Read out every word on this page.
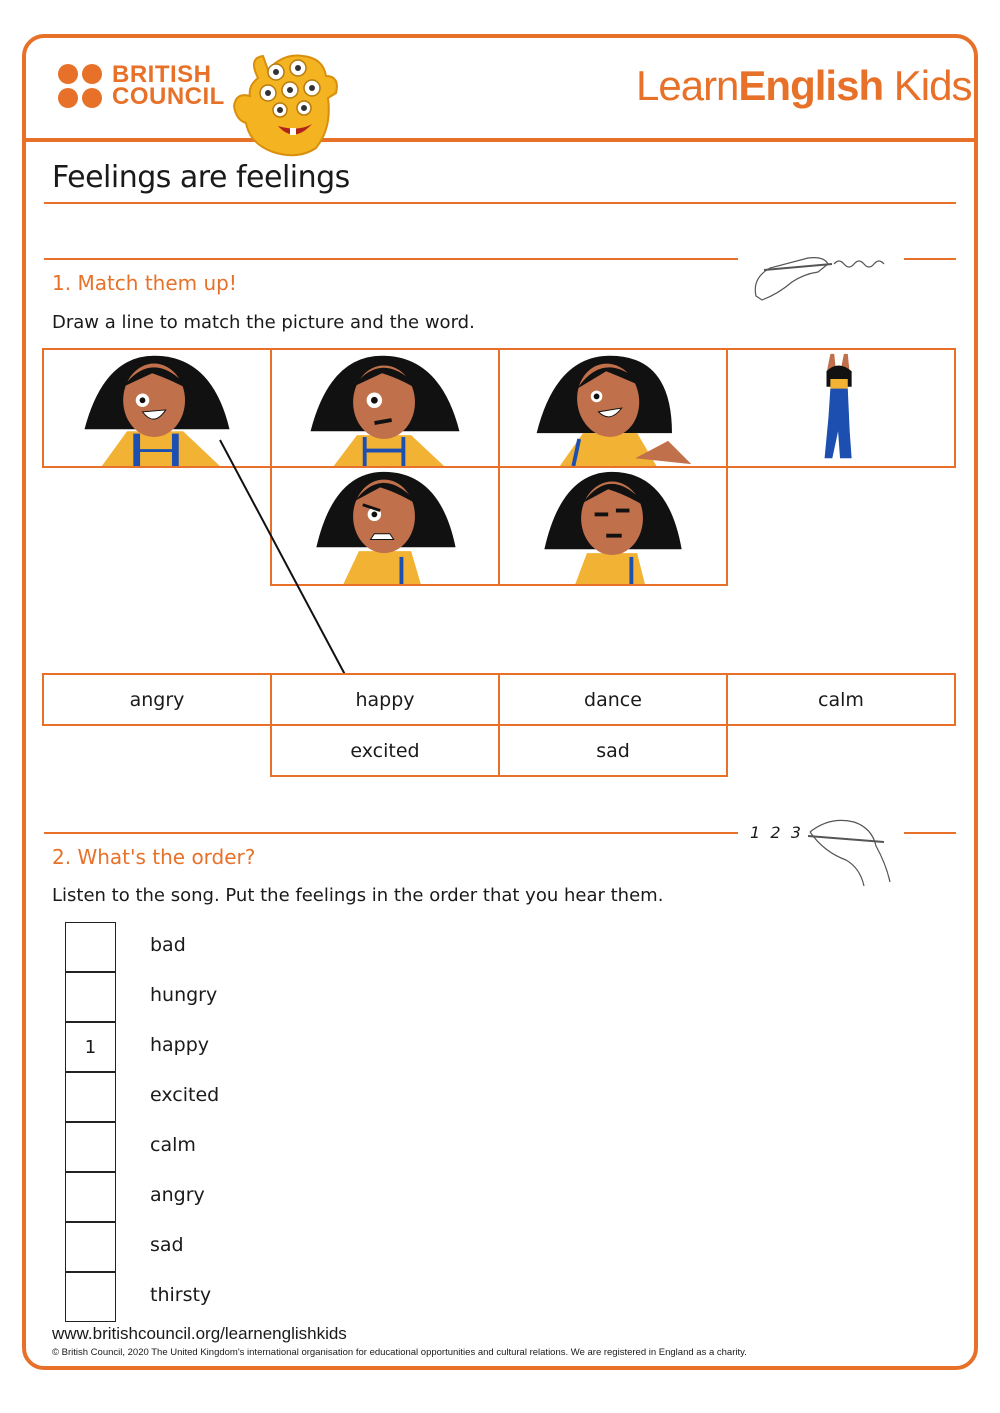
BRITISH
COUNCIL	LearnEnglish Kids
Feelings are feelings
1. Match them up!
Draw a line to match the picture and the word.
angry	happy	dance	calm
excited	sad
1  2  3
2. What's the order?
Listen to the song. Put the feelings in the order that you hear them.
bad
hungry
1	happy
excited
calm
angry
sad
thirsty
www.britishcouncil.org/learnenglishkids
© British Council, 2020 The United Kingdom's international organisation for educational opportunities and cultural relations. We are registered in England as a charity.
